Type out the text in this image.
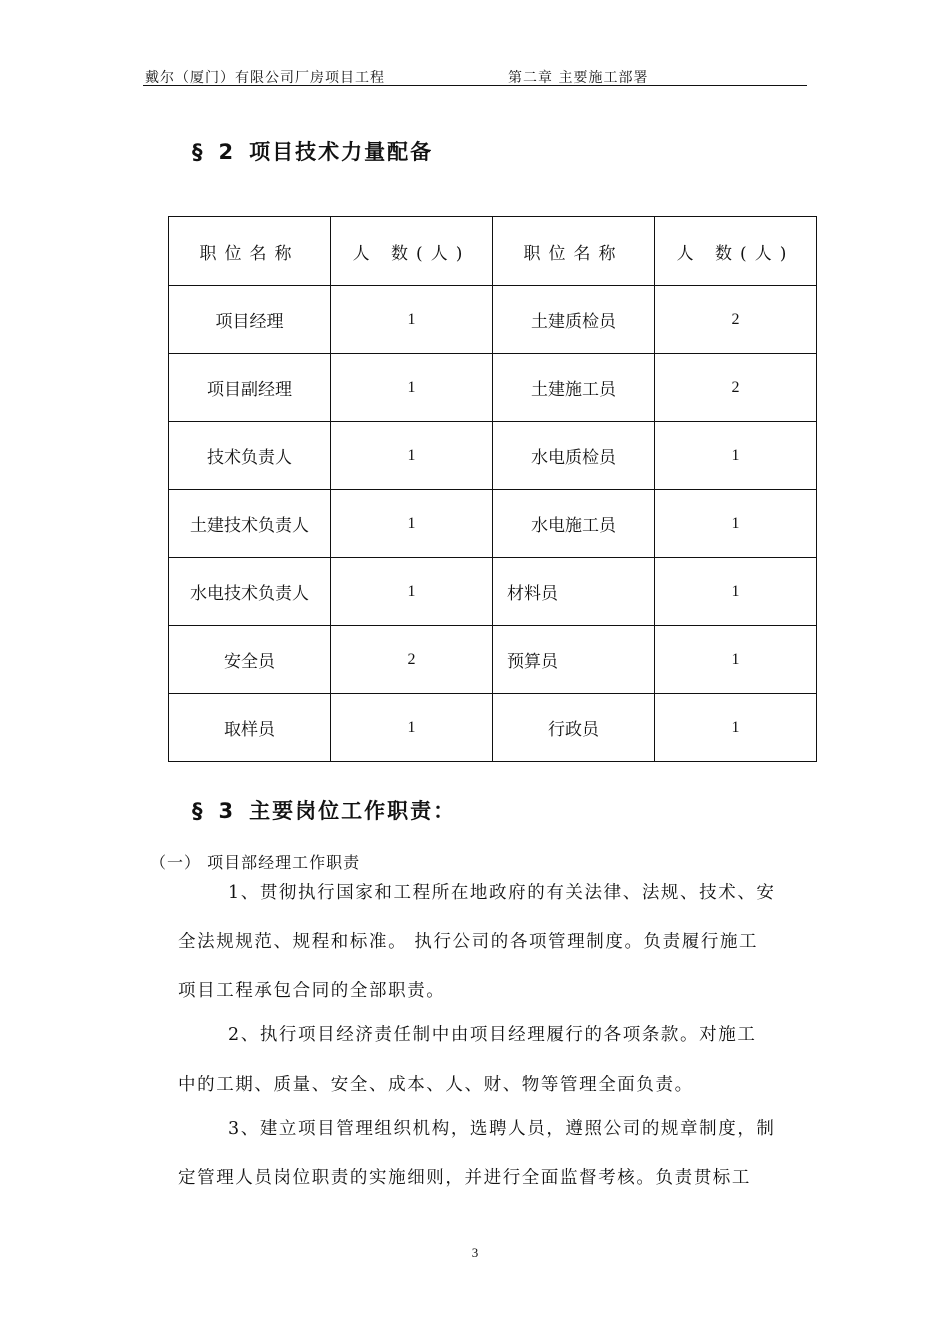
戴尔（厦门）有限公司厂房项目工程	第二章 主要施工部署
§ 2 项目技术力量配备
职位名称	人 数(人)	职位名称	人 数(人)
项目经理	1	土建质检员	2
项目副经理	1	土建施工员	2
技术负责人	1	水电质检员	1
土建技术负责人	1	水电施工员	1
水电技术负责人	1	材料员	1
安全员	2	预算员	1
取样员	1	行政员	1
§ 3 主要岗位工作职责：
（一） 项目部经理工作职责
1、贯彻执行国家和工程所在地政府的有关法律、法规、技术、安
全法规规范、规程和标准。 执行公司的各项管理制度。负责履行施工
项目工程承包合同的全部职责。
2、执行项目经济责任制中由项目经理履行的各项条款。对施工
中的工期、质量、安全、成本、人、财、物等管理全面负责。
3、建立项目管理组织机构，选聘人员，遵照公司的规章制度，制
定管理人员岗位职责的实施细则，并进行全面监督考核。负责贯标工
3
